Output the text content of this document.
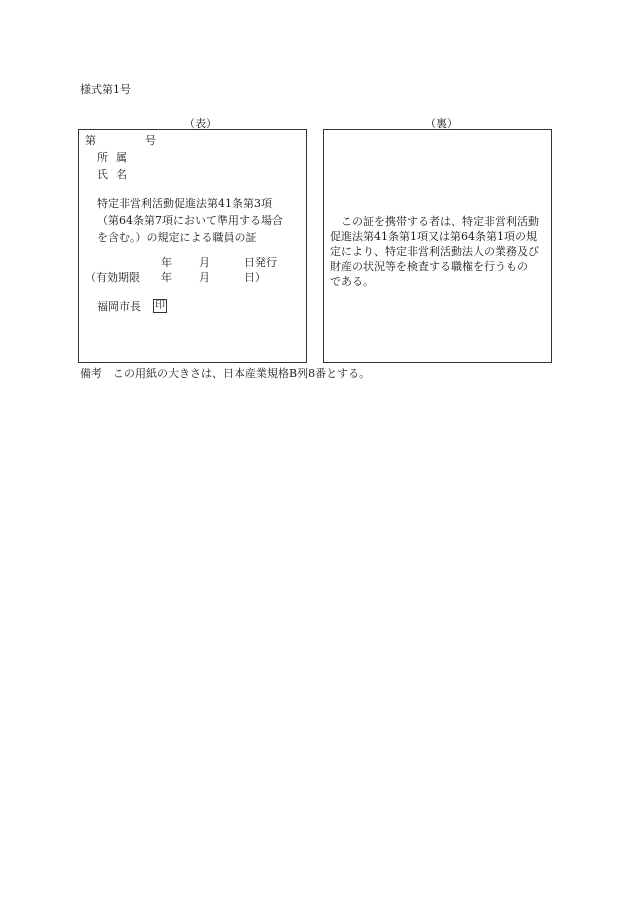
様式第1号
（表）	（裏）
第	号
所属
氏名
特定非営利活動促進法第41条第3項
（第64条第7項において準用する場合
を含む。）の規定による職員の証
年 月	日発行
（有効期限 年 月	日）
福岡市長 印
　この証を携帯する者は、特定非営利活動
促進法第41条第1項又は第64条第1項の規
定により、特定非営利活動法人の業務及び
財産の状況等を検査する職権を行うもの
である。
備考　この用紙の大きさは、日本産業規格B列8番とする。
